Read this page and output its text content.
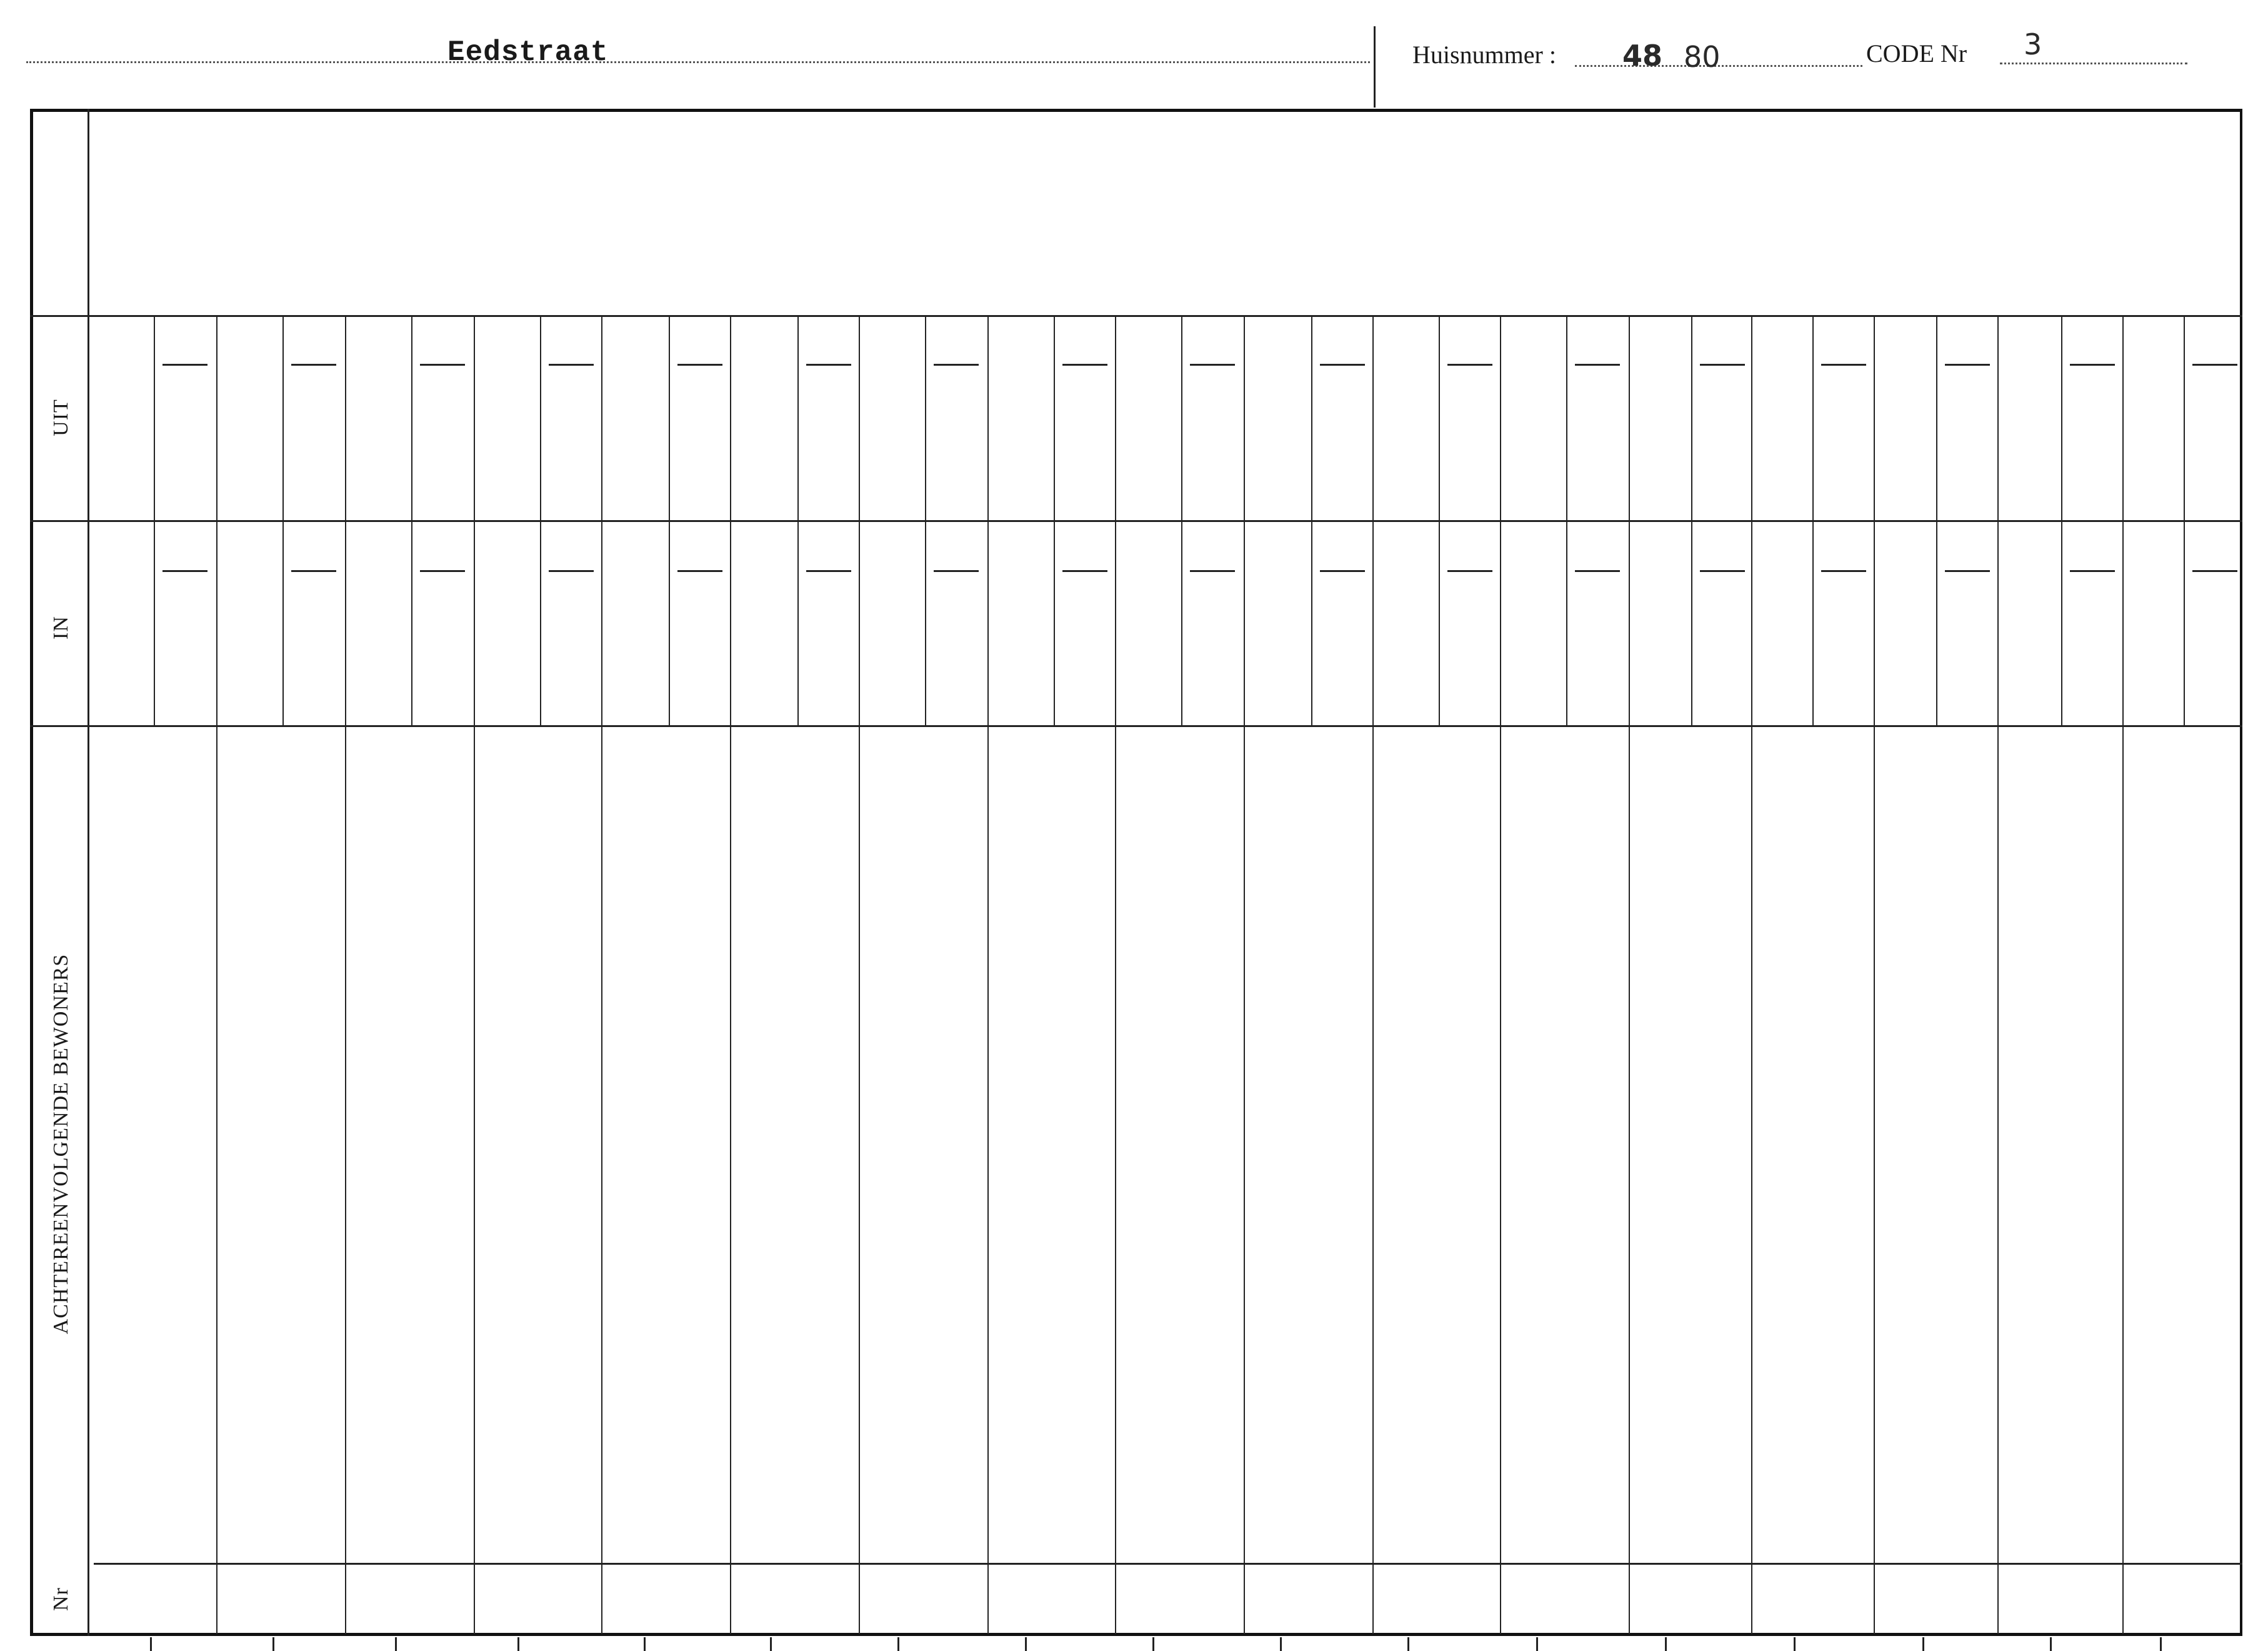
Eedstraat	Huisnummer : 48 80	CODE Nr 3
UIT
IN
ACHTEREENVOLGENDE BEWONERS
Nr
